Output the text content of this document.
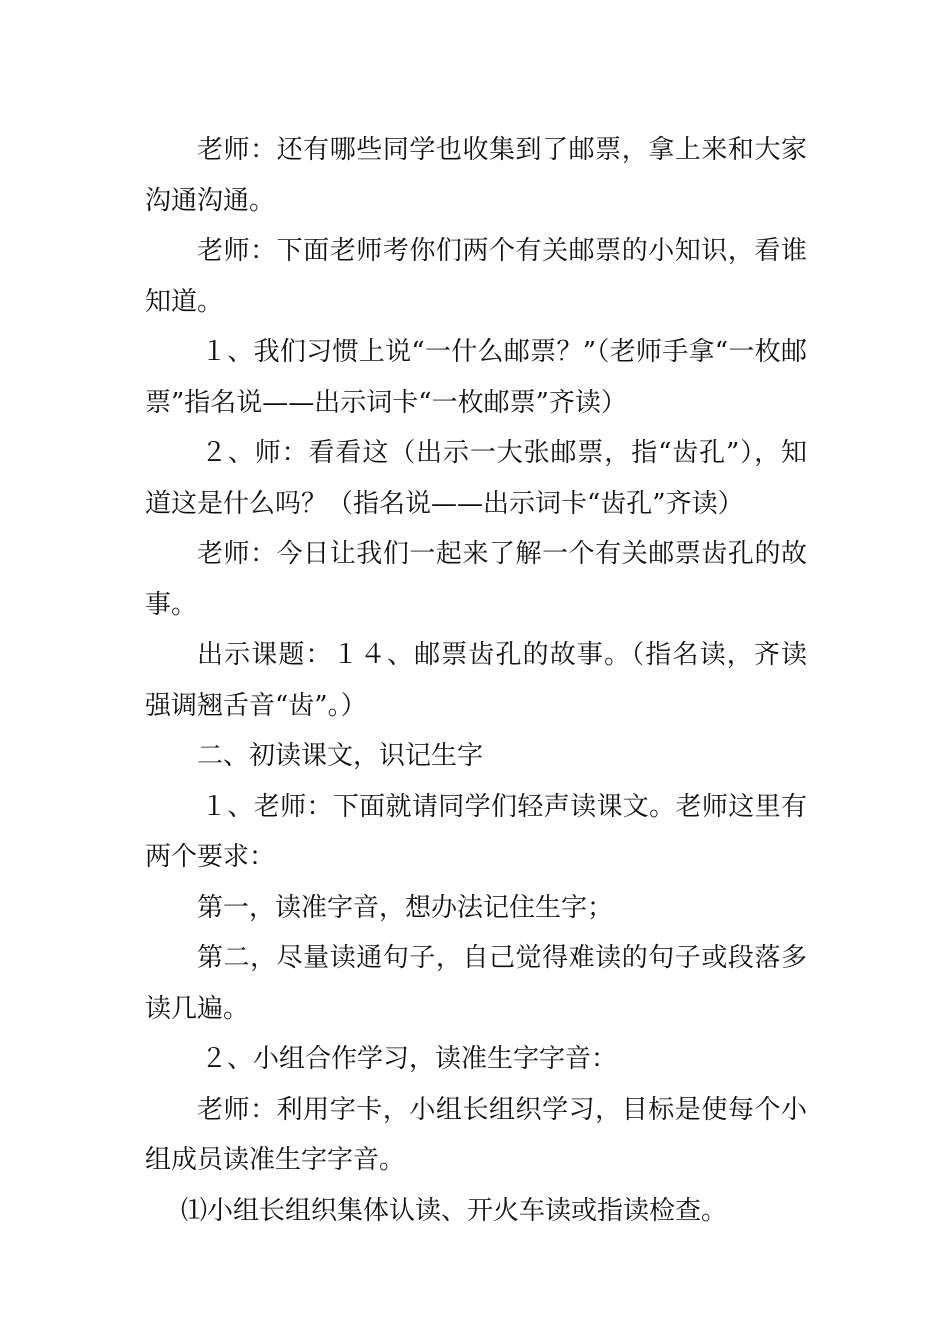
老师：还有哪些同学也收集到了邮票，拿上来和大家沟通沟通。

老师：下面老师考你们两个有关邮票的小知识，看谁知道。

１、我们习惯上说“一什么邮票？”（老师手拿“一枚邮票”指名说——出示词卡“一枚邮票”齐读）

２、师：看看这（出示一大张邮票，指“齿孔”），知道这是什么吗？（指名说——出示词卡“齿孔”齐读）

老师：今日让我们一起来了解一个有关邮票齿孔的故事。

出示课题：１４、邮票齿孔的故事。（指名读，齐读强调翘舌音“齿”。）

二、初读课文，识记生字

１、老师：下面就请同学们轻声读课文。老师这里有两个要求：

第一，读准字音，想办法记住生字；

第二，尽量读通句子，自己觉得难读的句子或段落多读几遍。

２、小组合作学习，读准生字字音：

老师：利用字卡，小组长组织学习，目标是使每个小组成员读准生字字音。

⑴小组长组织集体认读、开火车读或指读检查。
